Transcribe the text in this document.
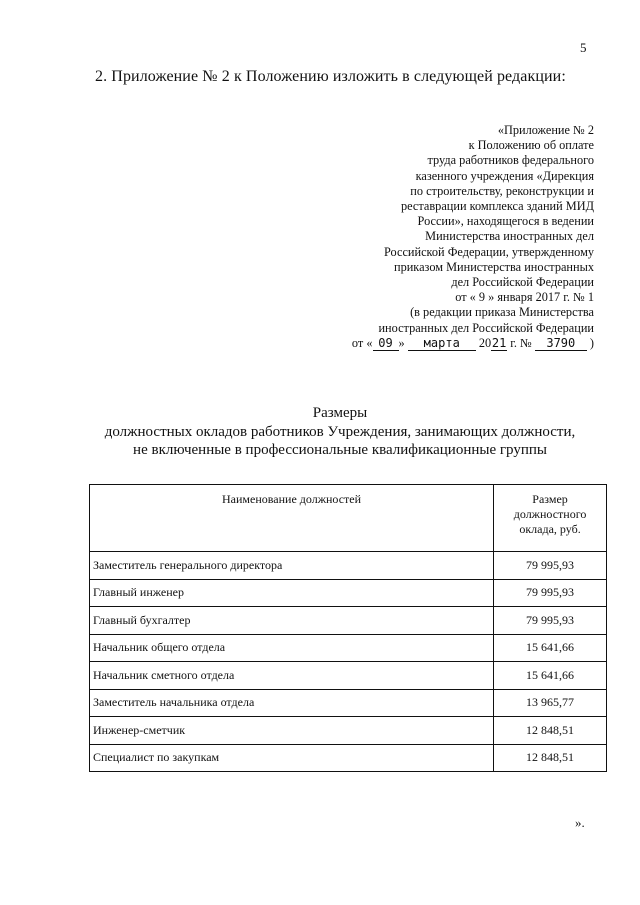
5
2. Приложение № 2 к Положению изложить в следующей редакции:
«Приложение № 2
к Положению об оплате
труда работников федерального
казенного учреждения «Дирекция
по строительству, реконструкции и
реставрации комплекса зданий МИД
России», находящегося в ведении
Министерства иностранных дел
Российской Федерации, утвержденному
приказом Министерства иностранных
дел Российской Федерации
от « 9 » января 2017 г. № 1
(в редакции приказа Министерства
иностранных дел Российской Федерации
от « 09 » марта 2021 г. № 3790 )
Размеры
должностных окладов работников Учреждения, занимающих должности,
не включенные в профессиональные квалификационные группы
Наименование должностей	Размер должностного оклада, руб.
Заместитель генерального директора	79 995,93
Главный инженер	79 995,93
Главный бухгалтер	79 995,93
Начальник общего отдела	15 641,66
Начальник сметного отдела	15 641,66
Заместитель начальника отдела	13 965,77
Инженер-сметчик	12 848,51
Специалист по закупкам	12 848,51
».
